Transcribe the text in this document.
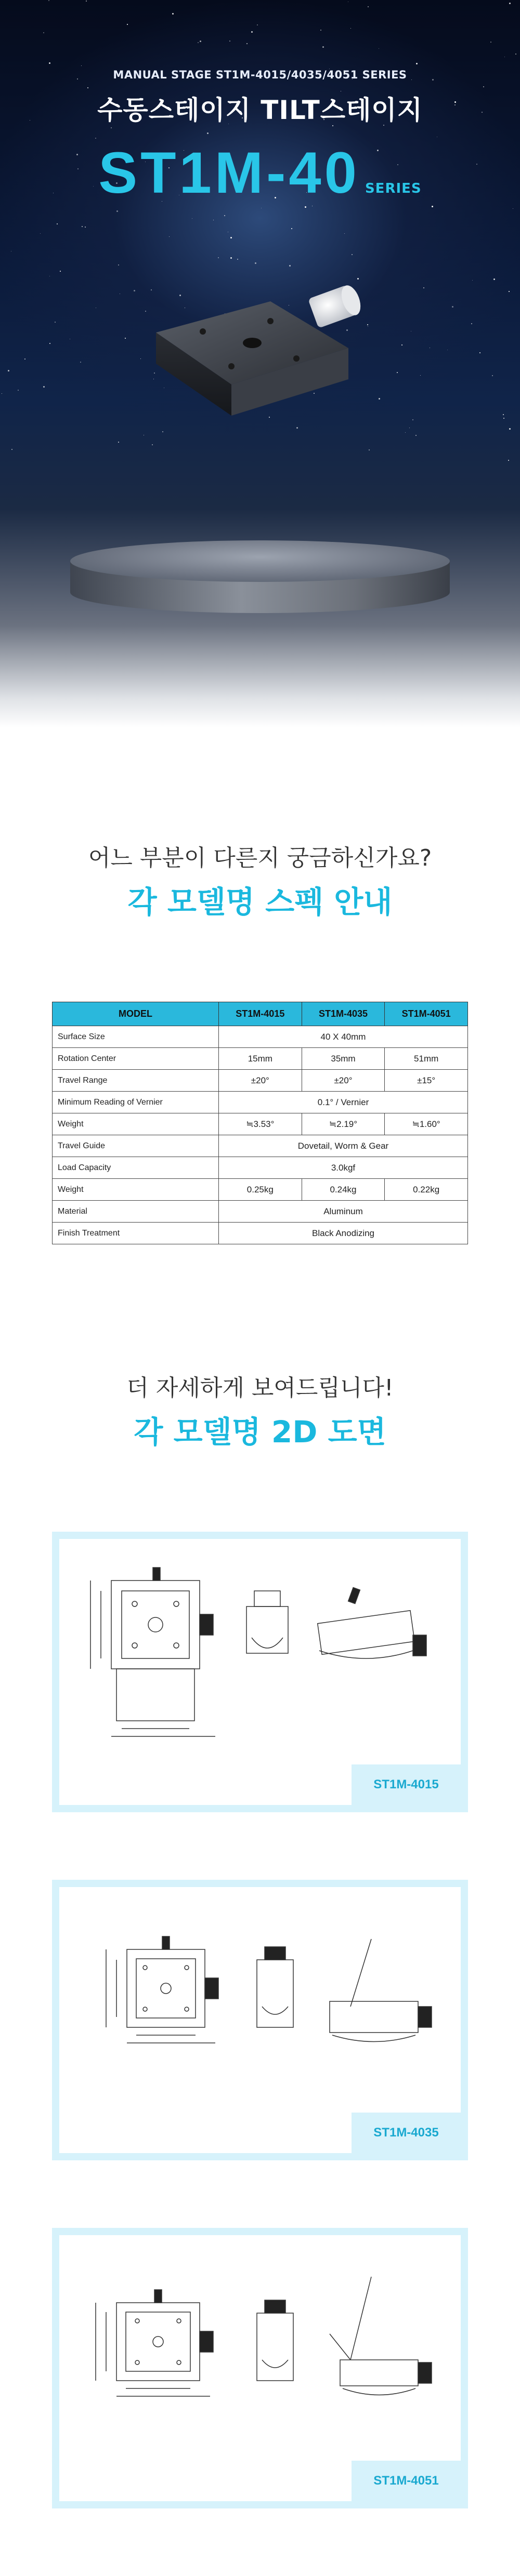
MANUAL STAGE ST1M-4015/4035/4051 SERIES
수동스테이지 TILT스테이지
ST1M-40 SERIES
어느 부분이 다른지 궁금하신가요?
각 모델명 스펙 안내
MODEL	ST1M-4015	ST1M-4035	ST1M-4051
Surface Size	40 X 40mm		
Rotation Center	15mm	35mm	51mm
Travel Range	±20°	±20°	±15°
Minimum Reading of Vernier	0.1° / Vernier		
Weight	≒3.53°	≒2.19°	≒1.60°
Travel Guide	Dovetail, Worm & Gear		
Load Capacity	3.0kgf		
Weight	0.25kg	0.24kg	0.22kg
Material	Aluminum		
Finish Treatment	Black Anodizing		
더 자세하게 보여드립니다!
각 모델명 2D 도면
ST1M-4015
ST1M-4035
ST1M-4051
